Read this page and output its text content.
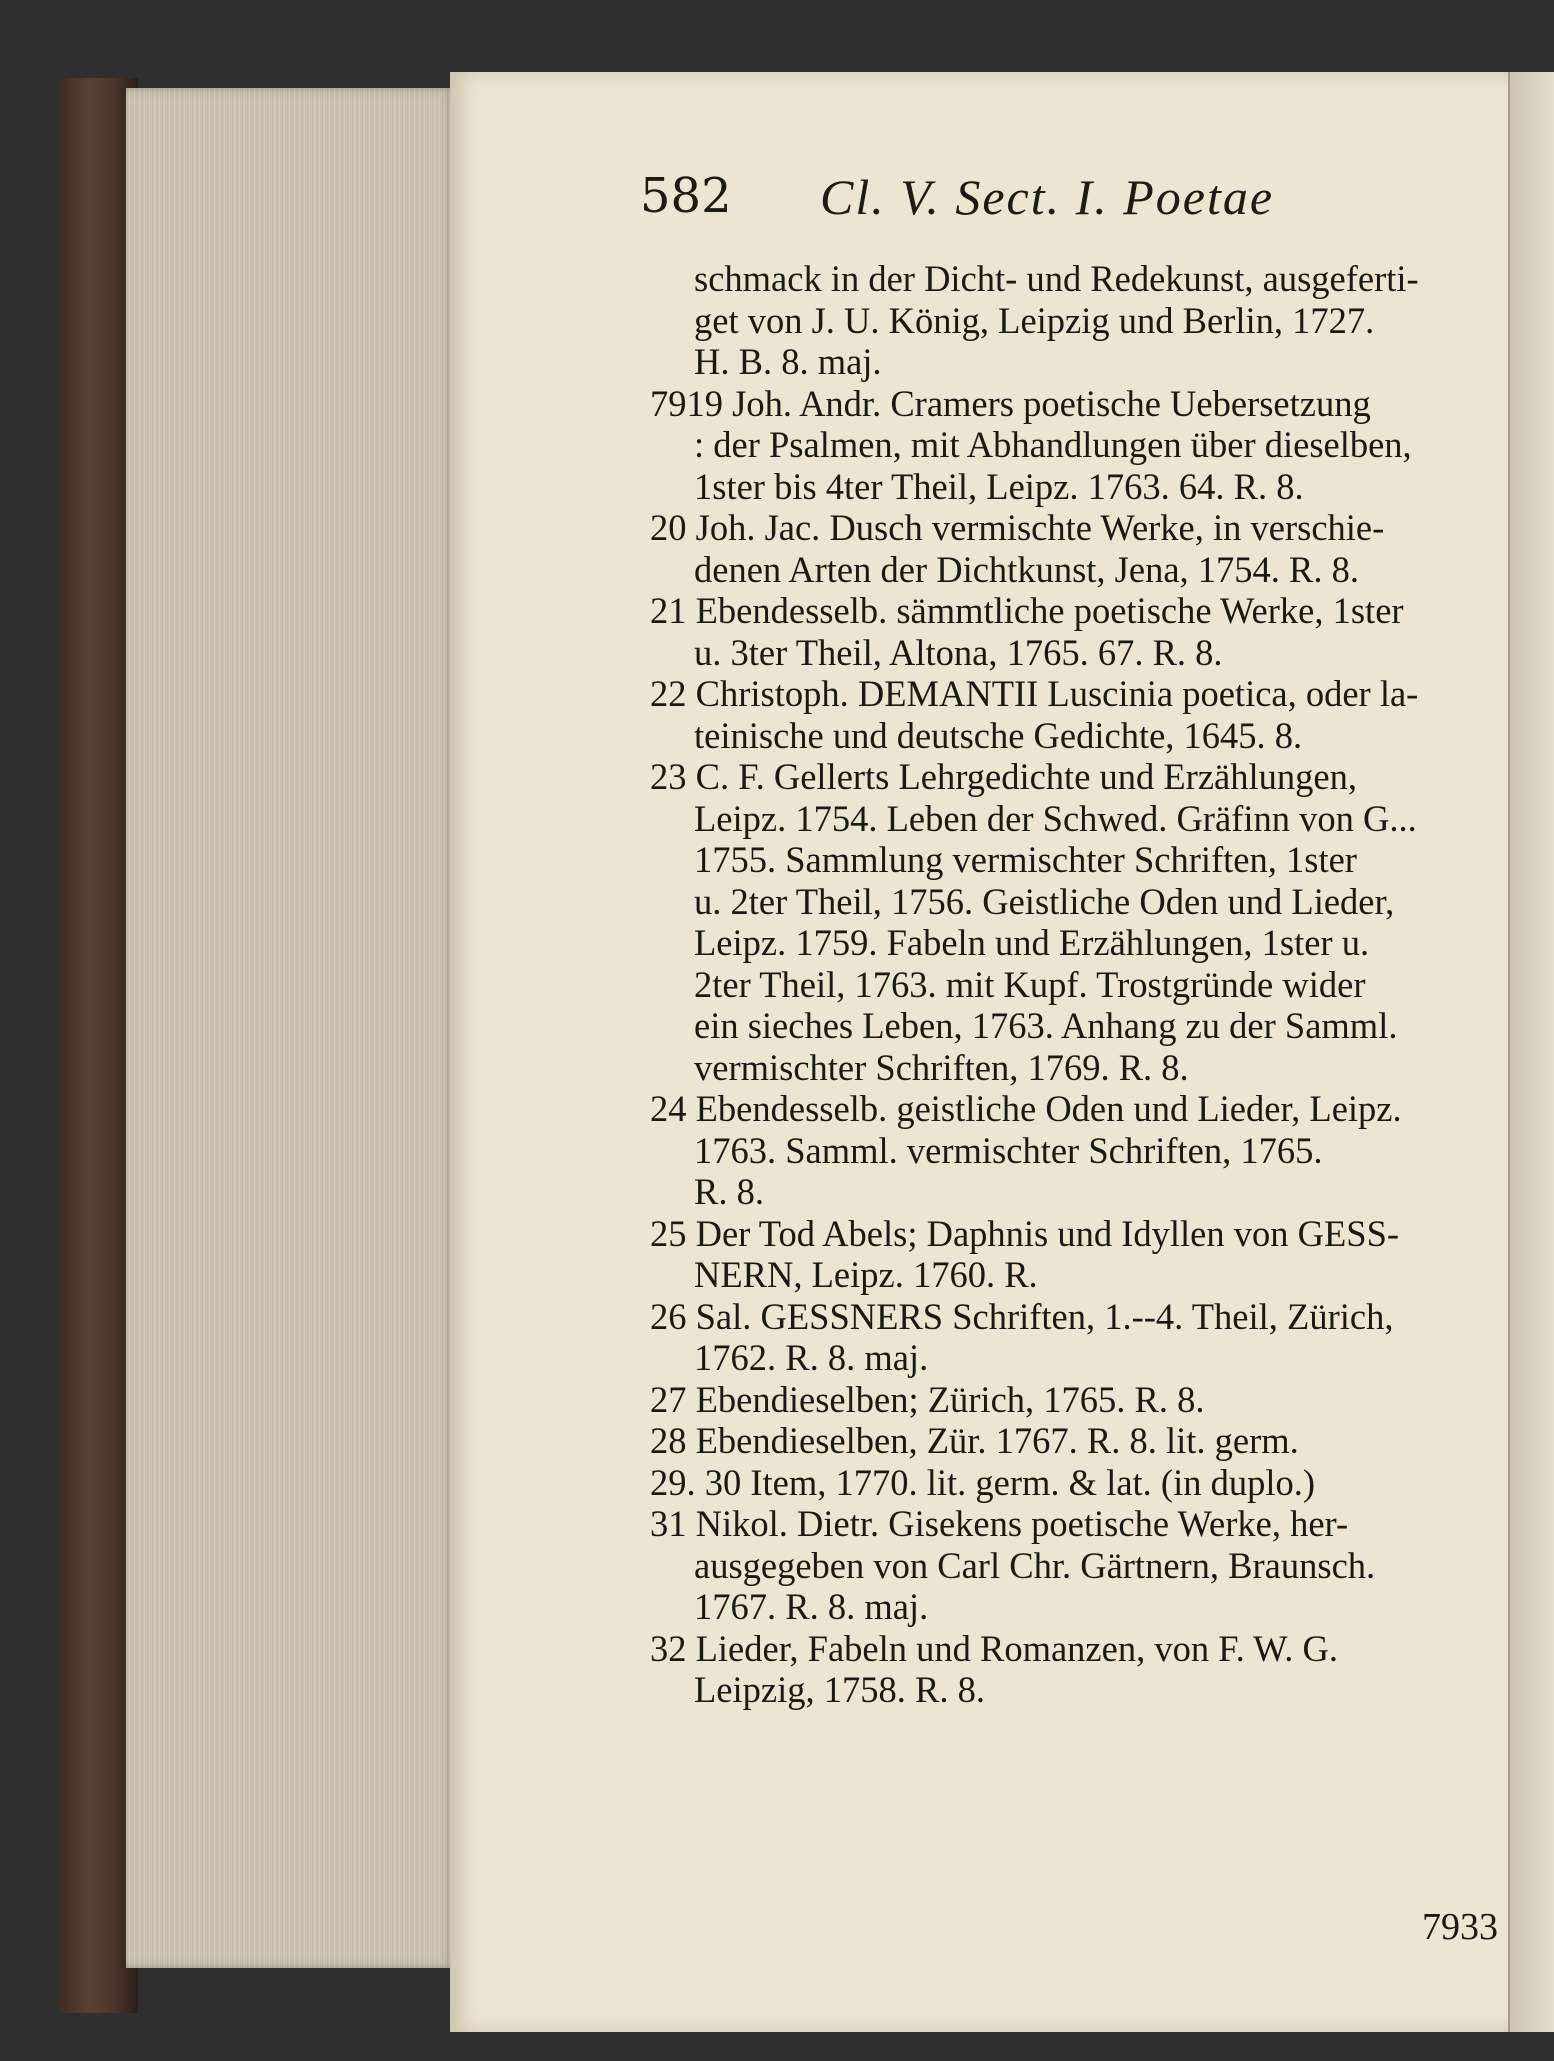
582 Cl. V. Sect. I. Poetae
schmack in der Dicht- und Redekunst, ausgeferti-
get von J. U. König, Leipzig und Berlin, 1727.
H. B. 8. maj.
7919 Joh. Andr. Cramers poetische Uebersetzung
: der Psalmen, mit Abhandlungen über dieselben,
1ster bis 4ter Theil, Leipz. 1763. 64. R. 8.
20 Joh. Jac. Dusch vermischte Werke, in verschie-
denen Arten der Dichtkunst, Jena, 1754. R. 8.
21 Ebendesselb. sämmtliche poetische Werke, 1ster
u. 3ter Theil, Altona, 1765. 67. R. 8.
22 Christoph. DEMANTII Luscinia poetica, oder la-
teinische und deutsche Gedichte, 1645. 8.
23 C. F. Gellerts Lehrgedichte und Erzählungen,
Leipz. 1754. Leben der Schwed. Gräfinn von G...
1755. Sammlung vermischter Schriften, 1ster
u. 2ter Theil, 1756. Geistliche Oden und Lieder,
Leipz. 1759. Fabeln und Erzählungen, 1ster u.
2ter Theil, 1763. mit Kupf. Trostgründe wider
ein sieches Leben, 1763. Anhang zu der Samml.
vermischter Schriften, 1769. R. 8.
24 Ebendesselb. geistliche Oden und Lieder, Leipz.
1763. Samml. vermischter Schriften, 1765.
R. 8.
25 Der Tod Abels; Daphnis und Idyllen von GESS-
NERN, Leipz. 1760. R.
26 Sal. GESSNERS Schriften, 1.--4. Theil, Zürich,
1762. R. 8. maj.
27 Ebendieselben; Zürich, 1765. R. 8.
28 Ebendieselben, Zür. 1767. R. 8. lit. germ.
29. 30 Item, 1770. lit. germ. & lat. (in duplo.)
31 Nikol. Dietr. Gisekens poetische Werke, her-
ausgegeben von Carl Chr. Gärtnern, Braunsch.
1767. R. 8. maj.
32 Lieder, Fabeln und Romanzen, von F. W. G.
Leipzig, 1758. R. 8.
7933
